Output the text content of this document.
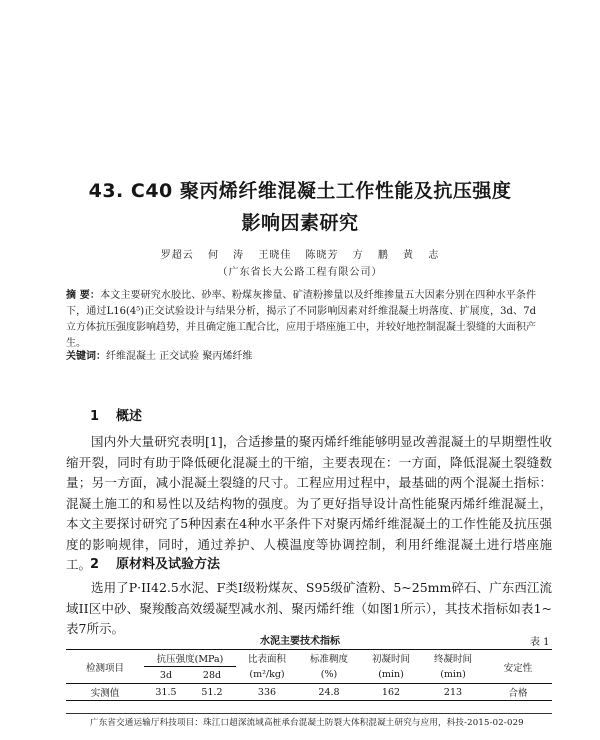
43. C40 聚丙烯纤维混凝土工作性能及抗压强度
影响因素研究
罗超云 何 涛 王晓佳 陈晓芳 方 鹏 黄 志
（广东省长大公路工程有限公司）
摘 要：本文主要研究水胶比、砂率、粉煤灰掺量、矿渣粉掺量以及纤维掺量五大因素分别在四种水平条件下，通过L16(4⁵)正交试验设计与结果分析，揭示了不同影响因素对纤维混凝土坍落度、扩展度，3d、7d立方体抗压强度影响趋势，并且确定施工配合比，应用于塔座施工中，并较好地控制混凝土裂缝的大面积产生。
关键词：纤维混凝土 正交试验 聚丙烯纤维
1 概述
国内外大量研究表明[1]，合适掺量的聚丙烯纤维能够明显改善混凝土的早期塑性收缩开裂，同时有助于降低硬化混凝土的干缩，主要表现在：一方面，降低混凝土裂缝数量；另一方面，减小混凝土裂缝的尺寸。工程应用过程中，最基础的两个混凝土指标：混凝土施工的和易性以及结构物的强度。为了更好指导设计高性能聚丙烯纤维混凝土，本文主要探讨研究了5种因素在4种水平条件下对聚丙烯纤维混凝土的工作性能及抗压强度的影响规律，同时，通过养护、人模温度等协调控制，利用纤维混凝土进行塔座施工。
2 原材料及试验方法
选用了P·II42.5水泥、F类I级粉煤灰、S95级矿渣粉、5~25mm碎石、广东西江流域II区中砂、聚羧酸高效缓凝型减水剂、聚丙烯纤维（如图1所示），其技术指标如表1~表7所示。
水泥主要技术指标	表 1
检测项目	抗压强度(MPa)		比表面积	标准稠度	初凝时间	终凝时间	安定性
	3d	28d	(m²/kg)	(%)	(min)	(min)	
实测值	31.5	51.2	336	24.8	162	213	合格
广东省交通运输厅科技项目：珠江口超深流域高桩承台混凝土防裂大体积混凝土研究与应用，科技-2015-02-029
